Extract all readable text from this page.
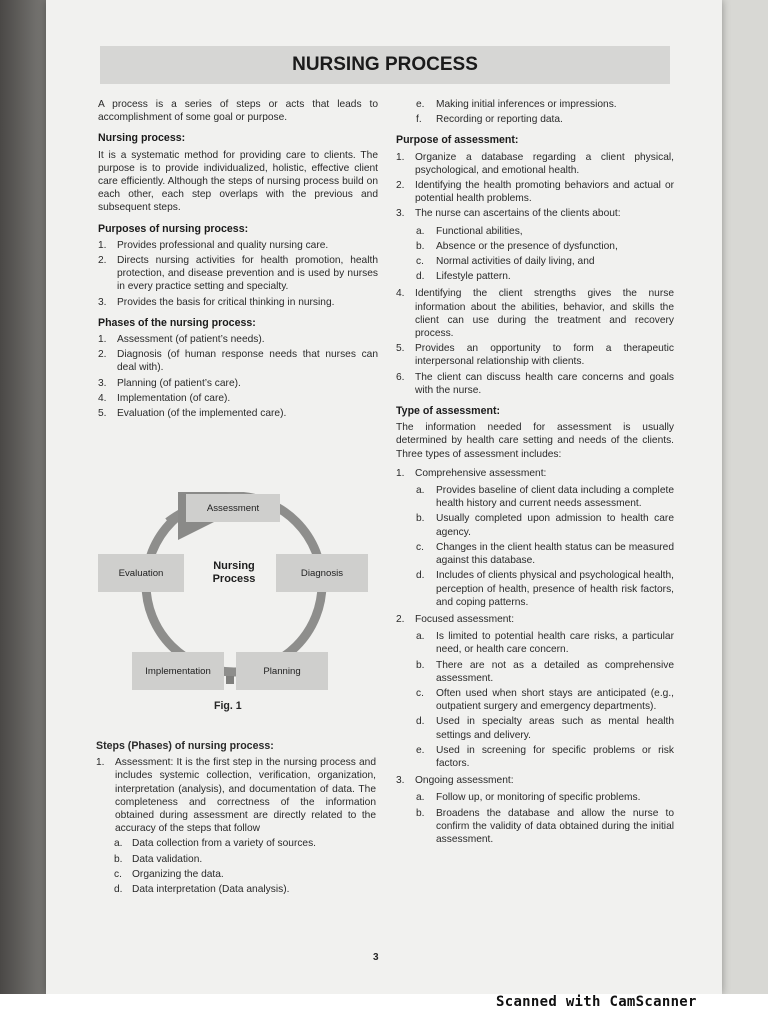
NURSING PROCESS

A process is a series of steps or acts that leads to accomplishment of some goal or purpose.

Nursing process:

It is a systematic method for providing care to clients. The purpose is to provide individualized, holistic, effective client care efficiently. Although the steps of nursing process build on each other, each step overlaps with the previous and subsequent steps.

Purposes of nursing process:
1. Provides professional and quality nursing care.
2. Directs nursing activities for health promotion, health protection, and disease prevention and is used by nurses in every practice setting and specialty.
3. Provides the basis for critical thinking in nursing.
Phases of the nursing process:
1. Assessment (of patient’s needs).
2. Diagnosis (of human response needs that nurses can deal with).
3. Planning (of patient’s care).
4. Implementation (of care).
5. Evaluation (of the implemented care).
Assessment
Diagnosis
Planning
Implementation
Evaluation
Nursing
Process
Fig. 1
Steps (Phases) of nursing process:
1. Assessment: It is the first step in the nursing process and includes systemic collection, verification, organization, interpretation (analysis), and documentation of data. The completeness and correctness of the information obtained during assessment are directly related to the accuracy of the steps that follow
a. Data collection from a variety of sources.
b. Data validation.
c. Organizing the data.
d. Data interpretation (Data analysis).
e. Making initial inferences or impressions.
f. Recording or reporting data.
Purpose of assessment:
1. Organize a database regarding a client physical, psychological, and emotional health.
2. Identifying the health promoting behaviors and actual or potential health problems.
3. The nurse can ascertains of the clients about:
a. Functional abilities,
b. Absence or the presence of dysfunction,
c. Normal activities of daily living, and
d. Lifestyle pattern.
4. Identifying the client strengths gives the nurse information about the abilities, behavior, and skills the client can use during the treatment and recovery process.
5. Provides an opportunity to form a therapeutic interpersonal relationship with clients.
6. The client can discuss health care concerns and goals with the nurse.
Type of assessment:

The information needed for assessment is usually determined by health care setting and needs of the clients. Three types of assessment includes:

1. Comprehensive assessment:
a. Provides baseline of client data including a complete health history and current needs assessment.
b. Usually completed upon admission to health care agency.
c. Changes in the client health status can be measured against this database.
d. Includes of clients physical and psychological health, perception of health, presence of health risk factors, and coping patterns.
2. Focused assessment:
a. Is limited to potential health care risks, a particular need, or health care concern.
b. There are not as a detailed as comprehensive assessment.
c. Often used when short stays are anticipated (e.g., outpatient surgery and emergency departments).
d. Used in specialty areas such as mental health settings and delivery.
e. Used in screening for specific problems or risk factors.
3. Ongoing assessment:
a. Follow up, or monitoring of specific problems.
b. Broadens the database and allow the nurse to confirm the validity of data obtained during the initial assessment.
3
Scanned with CamScanner
